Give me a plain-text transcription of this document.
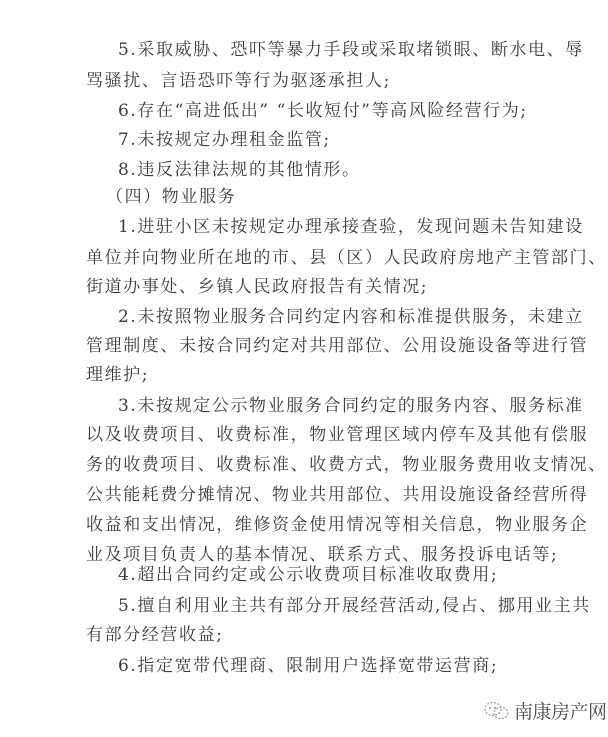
5.采取威胁、恐吓等暴力手段或采取堵锁眼、断水电、辱
骂骚扰、言语恐吓等行为驱逐承担人;
6.存在“高进低出” “长收短付”等高风险经营行为;
7.未按规定办理租金监管;
8.违反法律法规的其他情形。
（四）物业服务
1.进驻小区未按规定办理承接查验，发现问题未告知建设
单位并向物业所在地的市、县（区）人民政府房地产主管部门、
街道办事处、乡镇人民政府报告有关情况;
2.未按照物业服务合同约定内容和标准提供服务，未建立
管理制度、未按合同约定对共用部位、公用设施设备等进行管
理维护;
3.未按规定公示物业服务合同约定的服务内容、服务标准
以及收费项目、收费标准，物业管理区域内停车及其他有偿服
务的收费项目、收费标准、收费方式，物业服务费用收支情况、
公共能耗费分摊情况、物业共用部位、共用设施设备经营所得
收益和支出情况，维修资金使用情况等相关信息，物业服务企
业及项目负责人的基本情况、联系方式、服务投诉电话等;
4.超出合同约定或公示收费项目标准收取费用;
5.擅自利用业主共有部分开展经营活动,侵占、挪用业主共
有部分经营收益;
6.指定宽带代理商、限制用户选择宽带运营商;
南康房产网
